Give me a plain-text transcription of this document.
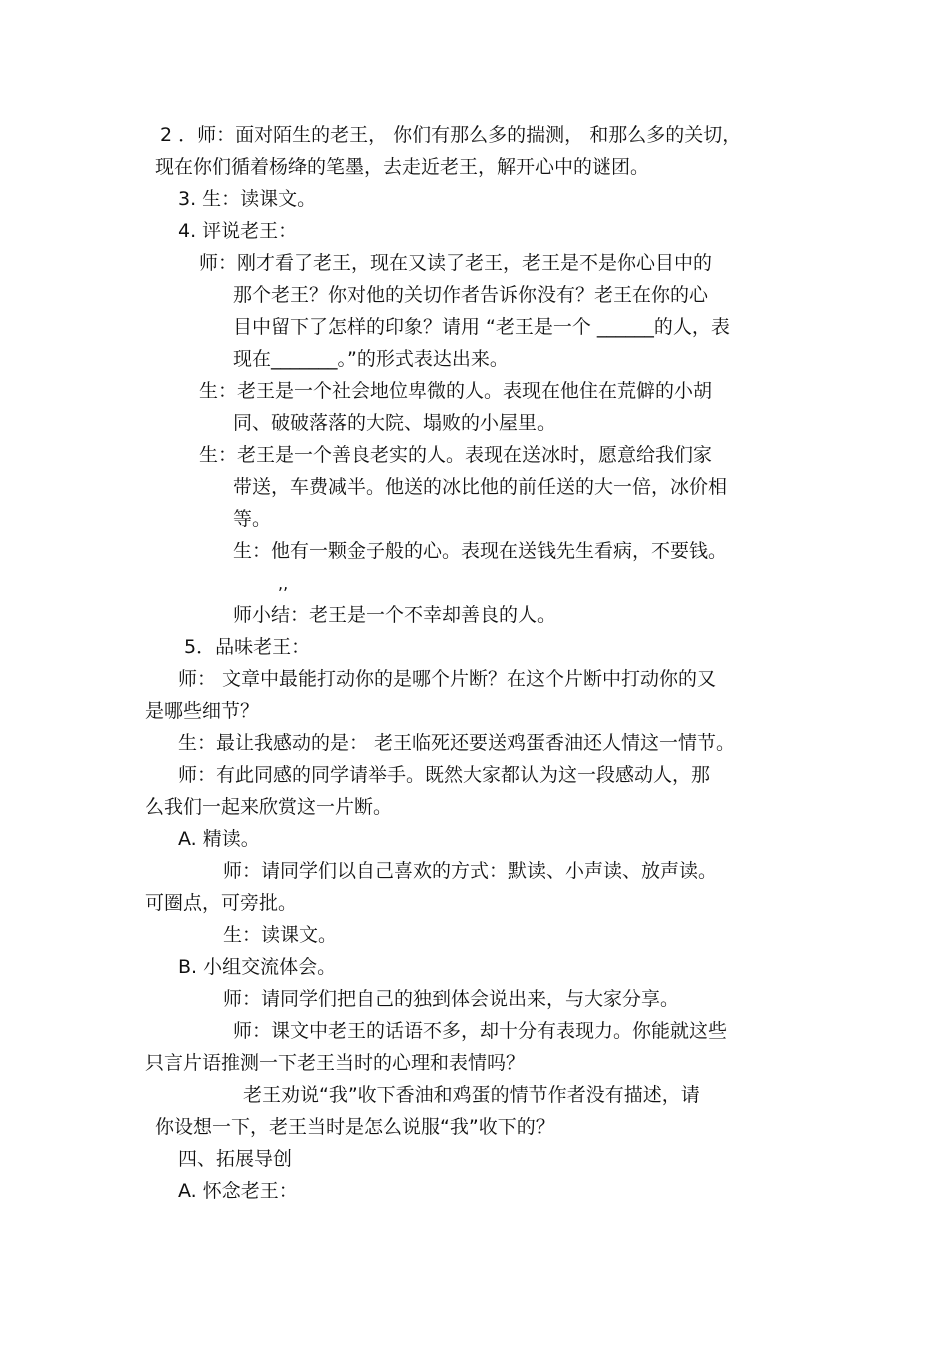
2 ．师：面对陌生的老王， 你们有那么多的揣测， 和那么多的关切，
现在你们循着杨绛的笔墨，去走近老王，解开心中的谜团。
3. 生：读课文。
4. 评说老王：
师：刚才看了老王，现在又读了老王，老王是不是你心目中的
那个老王？你对他的关切作者告诉你没有？老王在你的心
目中留下了怎样的印象？请用 “老王是一个 ______的人，表
现在_______。”的形式表达出来。
生：老王是一个社会地位卑微的人。表现在他住在荒僻的小胡
同、破破落落的大院、塌败的小屋里。
生：老王是一个善良老实的人。表现在送冰时，愿意给我们家
带送，车费减半。他送的冰比他的前任送的大一倍，冰价相
等。
生：他有一颗金子般的心。表现在送钱先生看病，不要钱。
,,
师小结：老王是一个不幸却善良的人。
5．品味老王：
师： 文章中最能打动你的是哪个片断？在这个片断中打动你的又
是哪些细节？
生：最让我感动的是： 老王临死还要送鸡蛋香油还人情这一情节。
师：有此同感的同学请举手。既然大家都认为这一段感动人，那
么我们一起来欣赏这一片断。
A. 精读。
师：请同学们以自己喜欢的方式：默读、小声读、放声读。
可圈点，可旁批。
生：读课文。
B. 小组交流体会。
师：请同学们把自己的独到体会说出来，与大家分享。
师：课文中老王的话语不多，却十分有表现力。你能就这些
只言片语推测一下老王当时的心理和表情吗？
老王劝说“我”收下香油和鸡蛋的情节作者没有描述，请
你设想一下，老王当时是怎么说服“我”收下的？
四、拓展导创
A. 怀念老王：
